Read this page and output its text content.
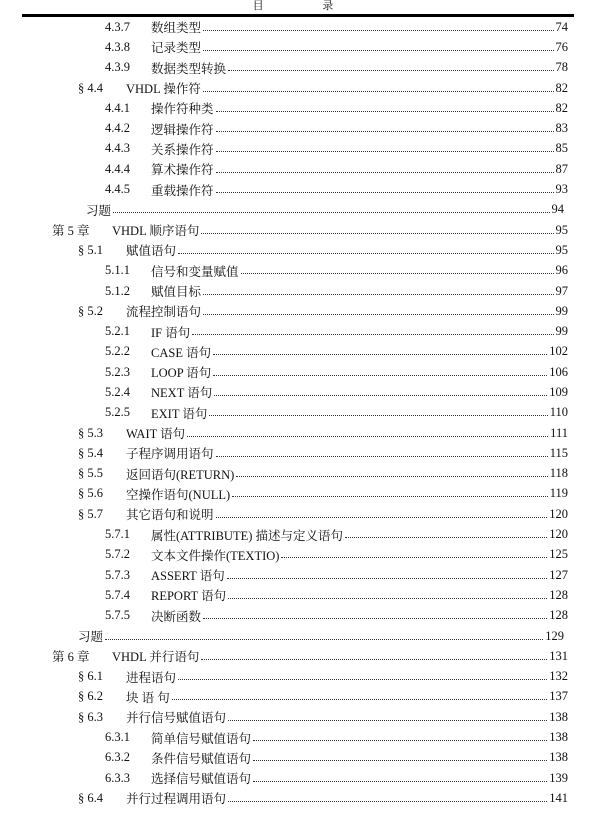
目 录
4.3.7	数组类型	74
4.3.8	记录类型	76
4.3.9	数据类型转换	78
§ 4.4	VHDL 操作符	82
4.4.1	操作符种类	82
4.4.2	逻辑操作符	83
4.4.3	关系操作符	85
4.4.4	算术操作符	87
4.4.5	重载操作符	93
习题	94
第 5 章	VHDL 顺序语句	95
§ 5.1	赋值语句	95
5.1.1	信号和变量赋值	96
5.1.2	赋值目标	97
§ 5.2	流程控制语句	99
5.2.1	IF 语句	99
5.2.2	CASE 语句	102
5.2.3	LOOP 语句	106
5.2.4	NEXT 语句	109
5.2.5	EXIT 语句	110
§ 5.3	WAIT 语句	111
§ 5.4	子程序调用语句	115
§ 5.5	返回语句(RETURN)	118
§ 5.6	空操作语句(NULL)	119
§ 5.7	其它语句和说明	120
5.7.1	属性(ATTRIBUTE) 描述与定义语句	120
5.7.2	文本文件操作(TEXTIO)	125
5.7.3	ASSERT 语句	127
5.7.4	REPORT 语句	128
5.7.5	决断函数	128
习题	129
第 6 章	VHDL 并行语句	131
§ 6.1	进程语句	132
§ 6.2	块 语 句	137
§ 6.3	并行信号赋值语句	138
6.3.1	简单信号赋值语句	138
6.3.2	条件信号赋值语句	138
6.3.3	选择信号赋值语句	139
§ 6.4	并行过程调用语句	141
